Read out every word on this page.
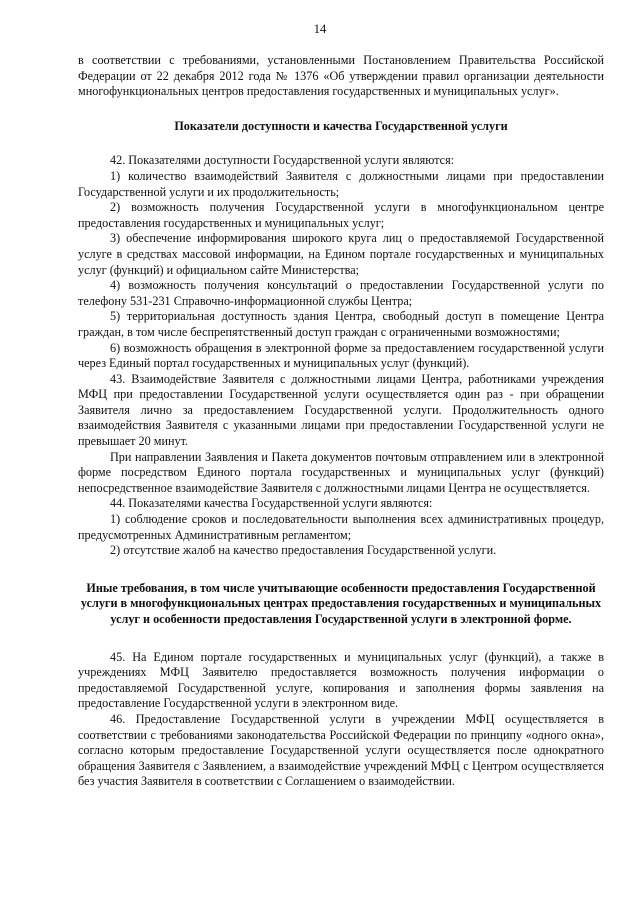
14

в соответствии с требованиями, установленными Постановлением Правительства Российской Федерации от 22 декабря 2012 года № 1376 «Об утверждении правил организации деятельности многофункциональных центров предоставления государственных и муниципальных услуг».

Показатели доступности и качества Государственной услуги

42. Показателями доступности Государственной услуги являются:

1) количество взаимодействий Заявителя с должностными лицами при предоставлении Государственной услуги и их продолжительность;

2) возможность получения Государственной услуги в многофункциональном центре предоставления государственных и муниципальных услуг;

3) обеспечение информирования широкого круга лиц о предоставляемой Государственной услуге в средствах массовой информации, на Едином портале государственных и муниципальных услуг (функций) и официальном сайте Министерства;

4) возможность получения консультаций о предоставлении Государственной услуги по телефону 531-231 Справочно-информационной службы Центра;

5) территориальная доступность здания Центра, свободный доступ в помещение Центра граждан, в том числе беспрепятственный доступ граждан с ограниченными возможностями;

6) возможность обращения в электронной форме за предоставлением государственной услуги через Единый портал государственных и муниципальных услуг (функций).

43. Взаимодействие Заявителя с должностными лицами Центра, работниками учреждения МФЦ при предоставлении Государственной услуги осуществляется один раз - при обращении Заявителя лично за предоставлением Государственной услуги. Продолжительность одного взаимодействия Заявителя с указанными лицами при предоставлении Государственной услуги не превышает 20 минут.

При направлении Заявления и Пакета документов почтовым отправлением или в электронной форме посредством Единого портала государственных и муниципальных услуг (функций) непосредственное взаимодействие Заявителя с должностными лицами Центра не осуществляется.

44. Показателями качества Государственной услуги являются:

1) соблюдение сроков и последовательности выполнения всех административных процедур, предусмотренных Административным регламентом;

2) отсутствие жалоб на качество предоставления Государственной услуги.

Иные требования, в том числе учитывающие особенности предоставления Государственной услуги в многофункциональных центрах предоставления государственных и муниципальных услуг и особенности предоставления Государственной услуги в электронной форме.

45. На Едином портале государственных и муниципальных услуг (функций), а также в учреждениях МФЦ Заявителю предоставляется возможность получения информации о предоставляемой Государственной услуге, копирования и заполнения формы заявления на предоставление Государственной услуги в электронном виде.

46. Предоставление Государственной услуги в учреждении МФЦ осуществляется в соответствии с требованиями законодательства Российской Федерации по принципу «одного окна», согласно которым предоставление Государственной услуги осуществляется после однократного обращения Заявителя с Заявлением, а взаимодействие учреждений МФЦ с Центром осуществляется без участия Заявителя в соответствии с Соглашением о взаимодействии.
